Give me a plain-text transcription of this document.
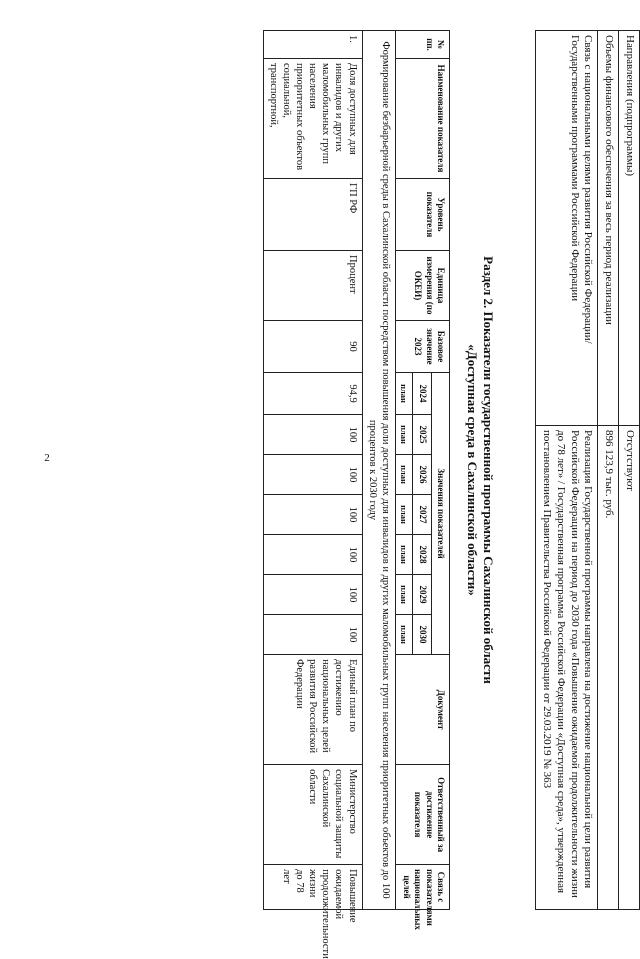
2
Направления (подпрограммы)	Отсутствуют
Объемы финансового обеспечения за весь период реализации	896 123,9 тыс. руб.
Связь с национальными целями развития Российской Федерации/Государственными программами Российской Федерации	Реализация Государственной программы направлена на достижение национальной цели развития Российской Федерации на период до 2030 года «Повышение ожидаемой продолжительности жизни до 78 лет» / Государственная программа Российской Федерации «Доступная среда», утвержденная постановлением Правительства Российской Федерации от 29.03.2019 № 363
Раздел 2. Показатели государственной программы Сахалинской области
«Доступная среда в Сахалинской области»
№ пп.	Наименование показателя	Уровень показателя	Единица измерения (по ОКЕИ)	Базовое значение 2023	Значения показателей							Документ	Ответственный за достижение показателя	Связь с показателями национальных целей
					2024	2025	2026	2027	2028	2029	2030			
					план	план	план	план	план	план	план			
Формирование безбарьерной среды в Сахалинской области посредством повышения доли доступных для инвалидов и других маломобильных групп населения приоритетных объектов до 100 процентов к 2030 году														
1.	Доля доступных для инвалидов и других маломобильных групп населения приоритетных объектов социальной, транспортной,	ГП РФ	Процент	90	94,9	100	100	100	100	100	100	Единый план по достижению национальных целей развития Российской Федерации	Министерство социальной защиты Сахалинской области	Повышение ожидаемой продолжительности жизни до 78 лет
